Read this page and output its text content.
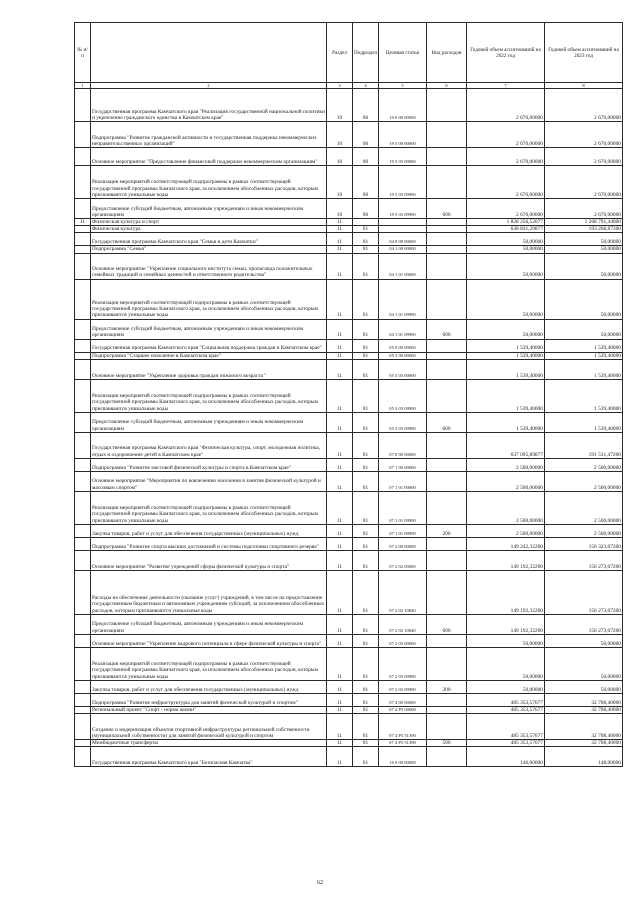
№ п/п		Раздел	Подраздел	Целевая статья	Вид расходов	Годовой объем ассигнований на 2022 год	Годовой объем ассигнований на 2023 год
1	2	3	4	5	6	7	8
	Государственная программа Камчатского края "Реализация государственной национальной политики и укрепление гражданского единства в Камчатском крае"	10	06	19 0 00 00000		2 670,00000	2 670,00000
	Подпрограмма "Развитие гражданской активности и государственная поддержка некоммерческих неправительственных организаций"	10	06	19 5 00 00000		2 670,00000	2 670,00000
	Основное мероприятие "Предоставление финансовой поддержки некоммерческим организациям"	10	06	19 5 03 00000		2 670,00000	2 670,00000
	Реализация мероприятий соответствующей подпрограммы в рамках соответствующей государственной программы Камчатского края, за исключением обособленных расходов, которым присваиваются уникальные коды	10	06	19 5 03 09990		2 670,00000	2 670,00000
	Предоставление субсидий бюджетным, автономным учреждениям и иным некоммерческим организациям	10	06	19 5 03 09990	600	2 670,00000	2 670,00000
11	Физическая культура и спорт	11				1 828 256,52077	1 268 791,44000
	Физическая культура	11	01			638 831,29877	193 268,87200
	Государственная программа Камчатского края "Семья и дети Камчатки"	11	01	04 0 00 00000		50,00000	50,00000
	Подпрограмма "Семья"	11	01	04 1 00 00000		50,00000	50,00000
	Основное мероприятие "Укрепление социального института семьи, пропаганда положительных семейных традиций и семейных ценностей и ответственного родительства"	11	01	04 1 01 00000		50,00000	50,00000
	Реализация мероприятий соответствующей подпрограммы в рамках соответствующей государственной программы Камчатского края, за исключением обособленных расходов, которым присваиваются уникальные коды	11	01	04 1 01 09990		50,00000	50,00000
	Предоставление субсидий бюджетным, автономным учреждениям и иным некоммерческим организациям	11	01	04 1 01 09990	600	50,00000	50,00000
	Государственная программа Камчатского края "Социальная поддержка граждан в Камчатском крае"	11	01	05 0 00 00000		1 539,40000	1 539,40000
	Подпрограмма "Старшее поколение в Камчатском крае"	11	01	05 3 00 00000		1 539,40000	1 539,40000
	Основное мероприятие "Укрепление здоровья граждан пожилого возраста "	11	01	05 3 03 00000		1 539,40000	1 539,40000
	Реализация мероприятий соответствующей подпрограммы в рамках соответствующей государственной программы Камчатского края, за исключением обособленных расходов, которым присваиваются уникальные коды	11	01	05 3 03 09990		1 539,40000	1 539,40000
	Предоставление субсидий бюджетным, автономным учреждениям и иным некоммерческим организациям	11	01	05 3 03 09990	600	1 539,40000	1 539,40000
	Государственная программа Камчатского края "Физическая культура, спорт, молодежная политика, отдых и оздоровление детей в Камчатском крае"	11	01	07 0 00 00000		637 095,89877	191 531,47200
	Подпрограмма "Развитие массовой физической культуры и спорта в Камчатском крае"	11	01	07 1 00 00000		2 500,00000	2 500,00000
	Основное мероприятие "Мероприятия по вовлечению населения в занятия физической культурой и массовым спортом"	11	01	07 1 01 00000		2 500,00000	2 500,00000
	Реализация мероприятий соответствующей подпрограммы в рамках соответствующей государственной программы Камчатского края, за исключением обособленных расходов, которым присваиваются уникальные коды	11	01	07 1 01 09990		2 500,00000	2 500,00000
	Закупка товаров, работ и услуг для обеспечения государственных (муниципальных) нужд	11	01	07 1 01 09990	200	2 500,00000	2 500,00000
	Подпрограмма "Развитие спорта высших достижений и системы подготовки спортивного резерва"	11	01	07 2 00 00000		149 242,32200	156 323,07200
	Основное мероприятие "Развитие учреждений сферы физической культуры и спорта"	11	01	07 2 02 00000		149 192,32200	156 273,07200
	Расходы на обеспечение деятельности (оказание услуг) учреждений, в том числе на предоставление государственным бюджетным и автономным учреждениям субсидий, за исключением обособленных расходов, которым присваиваются уникальные коды	11	01	07 2 02 10840		149 192,32200	156 273,07200
	Предоставление субсидий бюджетным, автономным учреждениям и иным некоммерческим организациям	11	01	07 2 02 10840	600	149 192,32200	156 273,07200
	Основное мероприятие "Укрепление кадрового потенциала в сфере физической культуры и спорта"	11	01	07 2 03 00000		50,00000	50,00000
	Реализация мероприятий соответствующей подпрограммы в рамках соответствующей государственной программы Камчатского края, за исключением обособленных расходов, которым присваиваются уникальные коды	11	01	07 2 03 09990		50,00000	50,00000
	Закупка товаров, работ и услуг для обеспечения государственных (муниципальных) нужд	11	01	07 2 03 09990	200	50,00000	50,00000
	Подпрограмма "Развитие инфраструктуры для занятий физической культурой и спортом"	11	01	07 4 00 00000		485 353,57677	32 708,40000
	Региональный проект "Спорт - норма жизни"	11	01	07 4 P5 00000		485 353,57677	32 708,40000
	Создание и модернизация объектов спортивной инфраструктуры региональной собственности (муниципальной собственности) для занятий физической культурой и спортом	11	01	07 4 P5 51390		485 353,57677	32 708,40000
	Межбюджетные трансферты	11	01	07 4 P5 51390	500	485 353,57677	32 708,40000
	Государственная программа Камчатского края "Безопасная Камчатка"	11	01	16 0 00 00000		146,00000	148,00000
62
